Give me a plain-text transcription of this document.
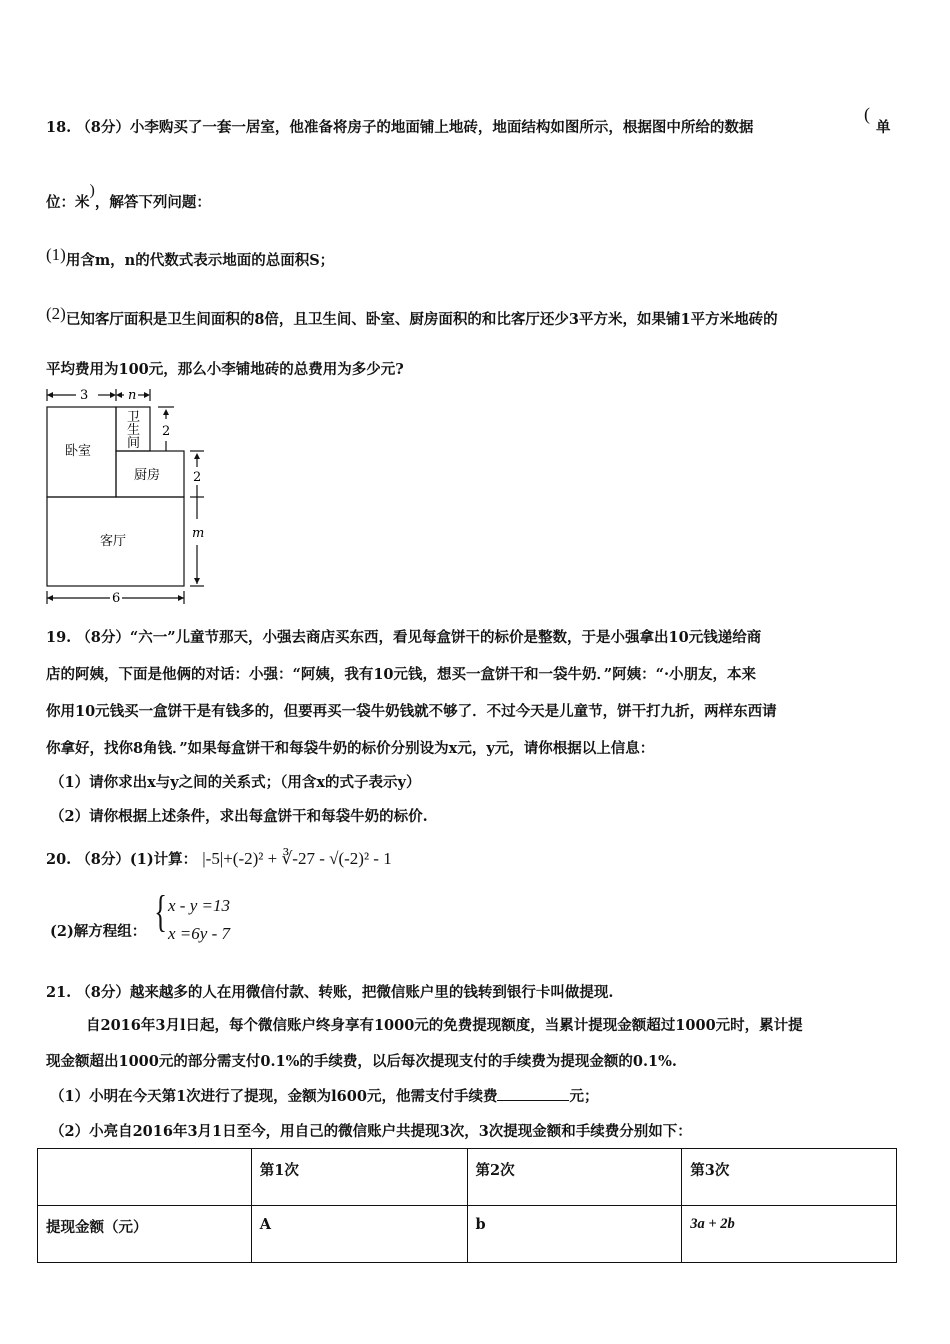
18. （8分）小李购买了一套一居室，他准备将房子的地面铺上地砖，地面结构如图所示，根据图中所给的数据
(
单
位：米)，解答下列问题：
(1)用含m，n的代数式表示地面的总面积S；
(2)已知客厅面积是卫生间面积的8倍，且卫生间、卧室、厨房面积的和比客厅还少3平方米，如果铺1平方米地砖的
平均费用为100元，那么小李铺地砖的总费用为多少元?
3	n
卧室
卫
生
间
厨房
客厅
2
2
m
6
19. （8分）“六一”儿童节那天，小强去商店买东西，看见每盒饼干的标价是整数，于是小强拿出10元钱递给商
店的阿姨，下面是他俩的对话：小强：“阿姨，我有10元钱，想买一盒饼干和一袋牛奶．”阿姨：“·小朋友，本来
你用10元钱买一盒饼干是有钱多的，但要再买一袋牛奶钱就不够了．不过今天是儿童节，饼干打九折，两样东西请
你拿好，找你8角钱．”如果每盒饼干和每袋牛奶的标价分别设为x元，y元，请你根据以上信息：
（1）请你求出x与y之间的关系式；（用含x的式子表示y）
（2）请你根据上述条件，求出每盒饼干和每袋牛奶的标价.
20. （8分）(1)计算： |-5|+(-2)² + ∛-27 - √(-2)² - 1
(2)解方程组： { x - y =13
x =6y - 7
21. （8分）越来越多的人在用微信付款、转账，把微信账户里的钱转到银行卡叫做提现.
自2016年3月l日起，每个微信账户终身享有1000元的免费提现额度，当累计提现金额超过1000元时，累计提
现金额超出1000元的部分需支付0.1%的手续费，以后每次提现支付的手续费为提现金额的0.1%.
（1）小明在今天第1次进行了提现，金额为l600元，他需支付手续费	元；
（2）小亮自2016年3月1日至今，用自己的微信账户共提现3次，3次提现金额和手续费分别如下：
	第1次	第2次	第3次
提现金额（元）	A	b	3a + 2b
